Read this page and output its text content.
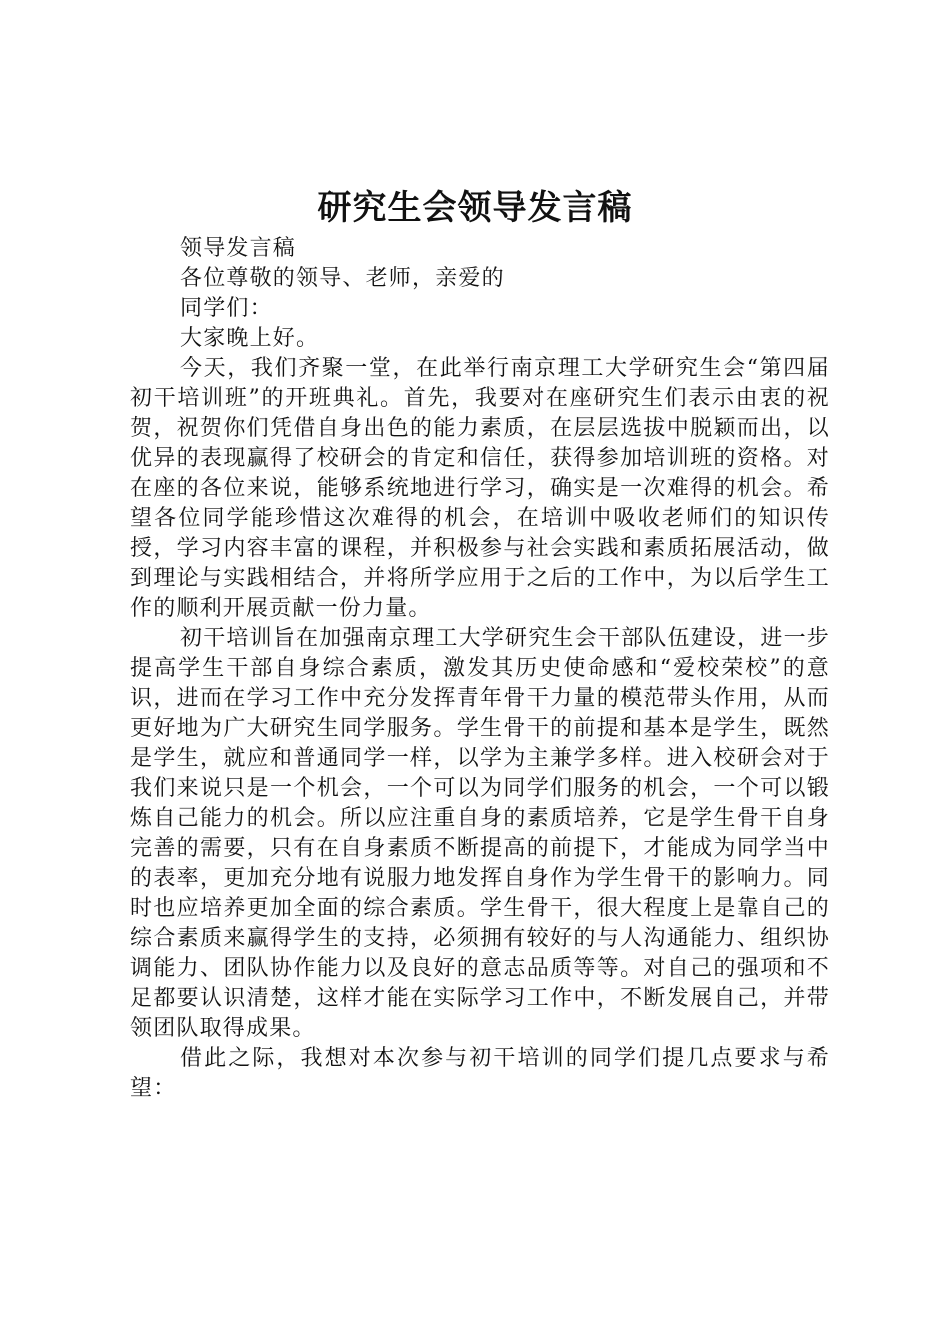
研究生会领导发言稿

领导发言稿

各位尊敬的领导、老师，亲爱的

同学们：

大家晚上好。

今天，我们齐聚一堂，在此举行南京理工大学研究生会“第四届初干培训班”的开班典礼。首先，我要对在座研究生们表示由衷的祝贺，祝贺你们凭借自身出色的能力素质，在层层选拔中脱颖而出，以优异的表现赢得了校研会的肯定和信任，获得参加培训班的资格。对在座的各位来说，能够系统地进行学习，确实是一次难得的机会。希望各位同学能珍惜这次难得的机会，在培训中吸收老师们的知识传授，学习内容丰富的课程，并积极参与社会实践和素质拓展活动，做到理论与实践相结合，并将所学应用于之后的工作中，为以后学生工作的顺利开展贡献一份力量。

初干培训旨在加强南京理工大学研究生会干部队伍建设，进一步提高学生干部自身综合素质，激发其历史使命感和“爱校荣校”的意识，进而在学习工作中充分发挥青年骨干力量的模范带头作用，从而更好地为广大研究生同学服务。学生骨干的前提和基本是学生，既然是学生，就应和普通同学一样，以学为主兼学多样。进入校研会对于我们来说只是一个机会，一个可以为同学们服务的机会，一个可以锻炼自己能力的机会。所以应注重自身的素质培养，它是学生骨干自身完善的需要，只有在自身素质不断提高的前提下，才能成为同学当中的表率，更加充分地有说服力地发挥自身作为学生骨干的影响力。同时也应培养更加全面的综合素质。学生骨干，很大程度上是靠自己的综合素质来赢得学生的支持，必须拥有较好的与人沟通能力、组织协调能力、团队协作能力以及良好的意志品质等等。对自己的强项和不足都要认识清楚，这样才能在实际学习工作中，不断发展自己，并带领团队取得成果。

借此之际，我想对本次参与初干培训的同学们提几点要求与希望：
